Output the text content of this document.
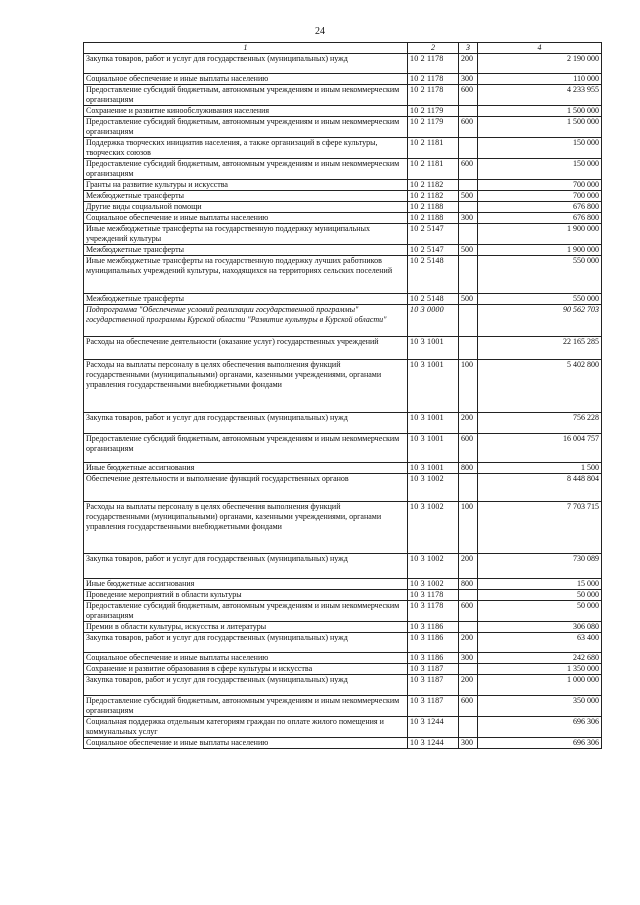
24
1	2	3	4
Закупка товаров, работ и услуг для государственных (муниципальных) нужд	10 2 1178	200	2 190 000
Социальное обеспечение и иные выплаты населению	10 2 1178	300	110 000
Предоставление субсидий бюджетным, автономным учреждениям и иным некоммерческим организациям	10 2 1178	600	4 233 955
Сохранение и развитие кинообслуживания населения	10 2 1179		1 500 000
Предоставление субсидий бюджетным, автономным учреждениям и иным некоммерческим организациям	10 2 1179	600	1 500 000
Поддержка творческих инициатив населения, а также организаций в сфере культуры, творческих союзов	10 2 1181		150 000
Предоставление субсидий бюджетным, автономным учреждениям и иным некоммерческим организациям	10 2 1181	600	150 000
Гранты на развитие культуры и искусства	10 2 1182		700 000
Межбюджетные трансферты	10 2 1182	500	700 000
Другие виды социальной помощи	10 2 1188		676 800
Социальное обеспечение и иные выплаты населению	10 2 1188	300	676 800
Иные межбюджетные трансферты на государственную поддержку муниципальных учреждений культуры	10 2 5147		1 900 000
Межбюджетные трансферты	10 2 5147	500	1 900 000
Иные межбюджетные трансферты на государственную поддержку лучших работников муниципальных учреждений культуры, находящихся на территориях сельских поселений	10 2 5148		550 000
Межбюджетные трансферты	10 2 5148	500	550 000
Подпрограмма "Обеспечение условий реализации государственной программы" государственной программы Курской области "Развитие культуры в Курской области"	10 3 0000		90 562 703
Расходы на обеспечение деятельности (оказание услуг) государственных учреждений	10 3 1001		22 165 285
Расходы на выплаты персоналу в целях обеспечения выполнения функций государственными (муниципальными) органами, казенными учреждениями, органами управления государственными внебюджетными фондами	10 3 1001	100	5 402 800
Закупка товаров, работ и услуг для государственных (муниципальных) нужд	10 3 1001	200	756 228
Предоставление субсидий бюджетным, автономным учреждениям и иным некоммерческим организациям	10 3 1001	600	16 004 757
Иные бюджетные ассигнования	10 3 1001	800	1 500
Обеспечение деятельности и выполнение функций государственных органов	10 3 1002		8 448 804
Расходы на выплаты персоналу в целях обеспечения выполнения функций государственными (муниципальными) органами, казенными учреждениями, органами управления государственными внебюджетными фондами	10 3 1002	100	7 703 715
Закупка товаров, работ и услуг для государственных (муниципальных) нужд	10 3 1002	200	730 089
Иные бюджетные ассигнования	10 3 1002	800	15 000
Проведение мероприятий в области культуры	10 3 1178		50 000
Предоставление субсидий бюджетным, автономным учреждениям и иным некоммерческим организациям	10 3 1178	600	50 000
Премии в области культуры, искусства и литературы	10 3 1186		306 080
Закупка товаров, работ и услуг для государственных (муниципальных) нужд	10 3 1186	200	63 400
Социальное обеспечение и иные выплаты населению	10 3 1186	300	242 680
Сохранение и развитие образования в сфере культуры и искусства	10 3 1187		1 350 000
Закупка товаров, работ и услуг для государственных (муниципальных) нужд	10 3 1187	200	1 000 000
Предоставление субсидий бюджетным, автономным учреждениям и иным некоммерческим организациям	10 3 1187	600	350 000
Социальная поддержка отдельным категориям граждан по оплате жилого помещения и коммунальных услуг	10 3 1244		696 306
Социальное обеспечение и иные выплаты населению	10 3 1244	300	696 306
